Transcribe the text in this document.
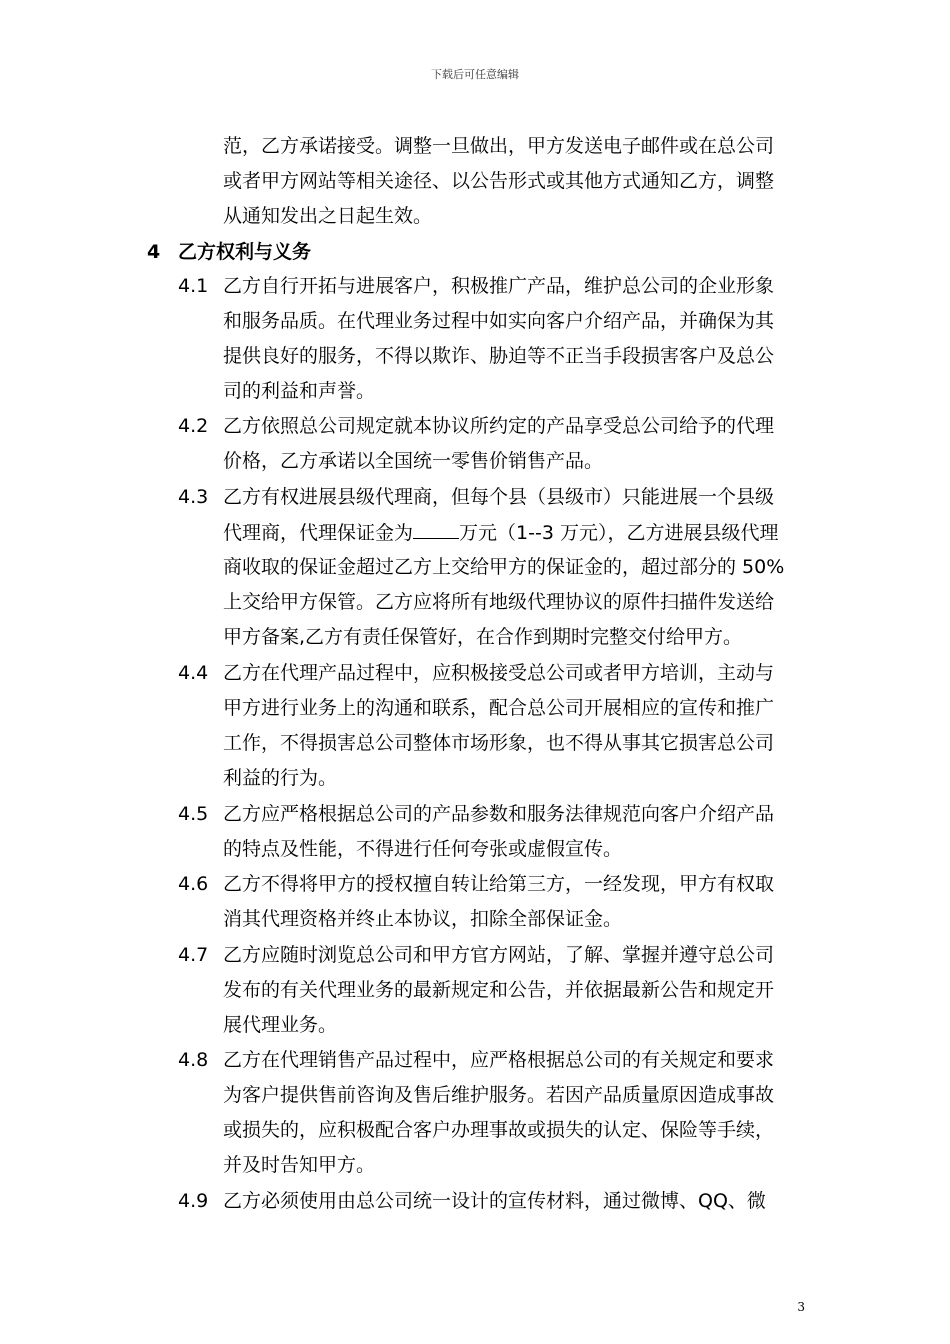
下载后可任意编辑
范，乙方承诺接受。调整一旦做出，甲方发送电子邮件或在总公司
或者甲方网站等相关途径、以公告形式或其他方式通知乙方，调整
从通知发出之日起生效。
4 乙方权利与义务
4.1 乙方自行开拓与进展客户，积极推广产品，维护总公司的企业形象
和服务品质。在代理业务过程中如实向客户介绍产品，并确保为其
提供良好的服务，不得以欺诈、胁迫等不正当手段损害客户及总公
司的利益和声誉。
4.2 乙方依照总公司规定就本协议所约定的产品享受总公司给予的代理
价格，乙方承诺以全国统一零售价销售产品。
4.3 乙方有权进展县级代理商，但每个县（县级市）只能进展一个县级
代理商，代理保证金为 万元（1--3 万元），乙方进展县级代理
商收取的保证金超过乙方上交给甲方的保证金的，超过部分的 50%
上交给甲方保管。乙方应将所有地级代理协议的原件扫描件发送给
甲方备案,乙方有责任保管好，在合作到期时完整交付给甲方。
4.4 乙方在代理产品过程中，应积极接受总公司或者甲方培训，主动与
甲方进行业务上的沟通和联系，配合总公司开展相应的宣传和推广
工作，不得损害总公司整体市场形象，也不得从事其它损害总公司
利益的行为。
4.5 乙方应严格根据总公司的产品参数和服务法律规范向客户介绍产品
的特点及性能，不得进行任何夸张或虚假宣传。
4.6 乙方不得将甲方的授权擅自转让给第三方，一经发现，甲方有权取
消其代理资格并终止本协议，扣除全部保证金。
4.7 乙方应随时浏览总公司和甲方官方网站，了解、掌握并遵守总公司
发布的有关代理业务的最新规定和公告，并依据最新公告和规定开
展代理业务。
4.8 乙方在代理销售产品过程中，应严格根据总公司的有关规定和要求
为客户提供售前咨询及售后维护服务。若因产品质量原因造成事故
或损失的，应积极配合客户办理事故或损失的认定、保险等手续，
并及时告知甲方。
4.9 乙方必须使用由总公司统一设计的宣传材料，通过微博、QQ、微
3
